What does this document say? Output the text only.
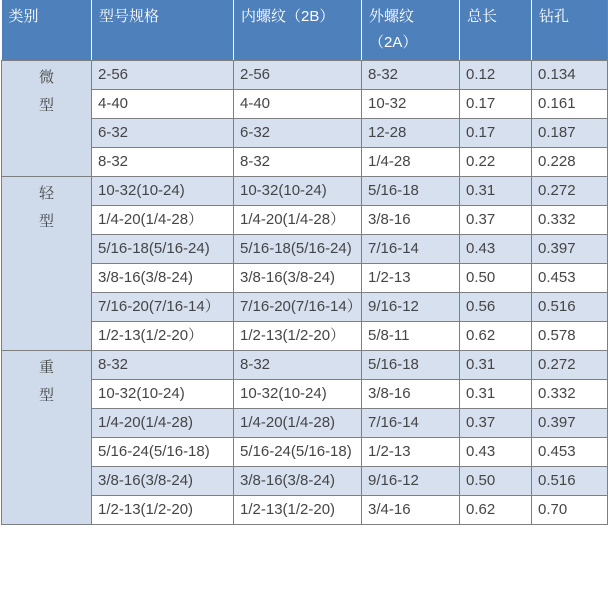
类别	型号规格	内螺纹（2B）	外螺纹（2A）	总长	钻孔
微型	2-56	2-56	8-32	0.12	0.134
	4-40	4-40	10-32	0.17	0.161
	6-32	6-32	12-28	0.17	0.187
	8-32	8-32	1/4-28	0.22	0.228
轻型	10-32(10-24)	10-32(10-24)	5/16-18	0.31	0.272
	1/4-20(1/4-28）	1/4-20(1/4-28）	3/8-16	0.37	0.332
	5/16-18(5/16-24)	5/16-18(5/16-24)	7/16-14	0.43	0.397
	3/8-16(3/8-24)	3/8-16(3/8-24)	1/2-13	0.50	0.453
	7/16-20(7/16-14）	7/16-20(7/16-14）	9/16-12	0.56	0.516
	1/2-13(1/2-20）	1/2-13(1/2-20）	5/8-11	0.62	0.578
重型	8-32	8-32	5/16-18	0.31	0.272
	10-32(10-24)	10-32(10-24)	3/8-16	0.31	0.332
	1/4-20(1/4-28)	1/4-20(1/4-28)	7/16-14	0.37	0.397
	5/16-24(5/16-18)	5/16-24(5/16-18)	1/2-13	0.43	0.453
	3/8-16(3/8-24)	3/8-16(3/8-24)	9/16-12	0.50	0.516
	1/2-13(1/2-20)	1/2-13(1/2-20)	3/4-16	0.62	0.70
